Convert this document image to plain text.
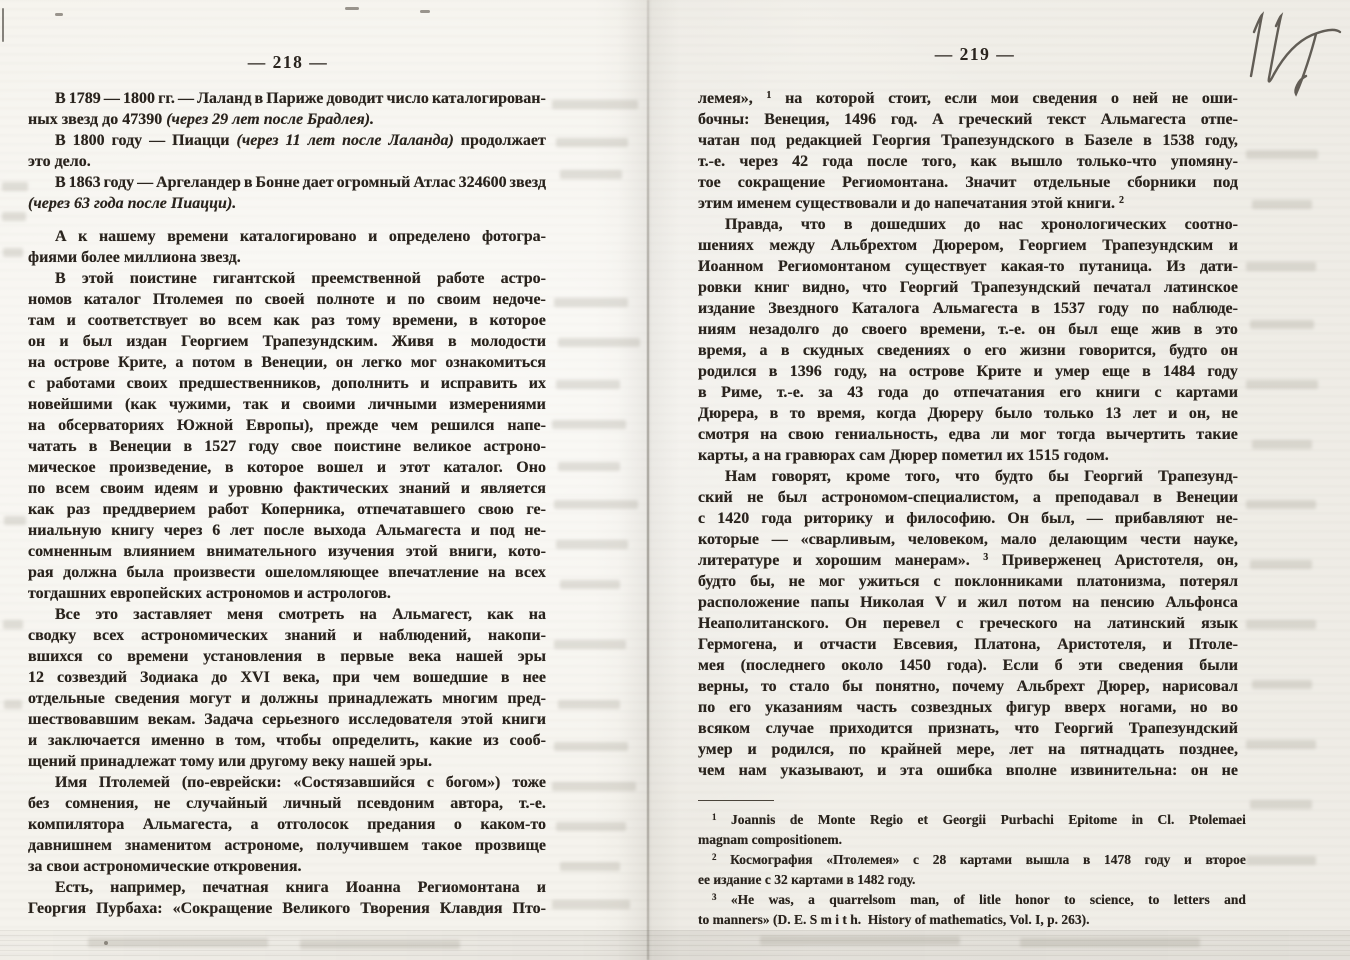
— 218 —	— 219 —
В 1789 — 1800 гг. — Лаланд в Париже доводит число каталогирован-
ных звезд до 47390 (через 29 лет после Брадлея).
В 1800 году — Пиацци (через 11 лет после Лаланда) продолжает
это дело.
В 1863 году — Аргеландер в Бонне дает огромный Атлас 324600 звезд
(через 63 года после Пиацци).
А к нашему времени каталогировано и определено фотогра-
фиями более миллиона звезд.
В этой поистине гигантской преемственной работе астро-
номов каталог Птолемея по своей полноте и по своим недоче-
там и соответствует во всем как раз тому времени, в которое
он и был издан Георгием Трапезундским. Живя в молодости
на острове Крите, а потом в Венеции, он легко мог ознакомиться
с работами своих предшественников, дополнить и исправить их
новейшими (как чужими, так и своими личными измерениями
на обсерваториях Южной Европы), прежде чем решился напе-
чатать в Венеции в 1527 году свое поистине великое астроно-
мическое произведение, в которое вошел и этот каталог. Оно
по всем своим идеям и уровню фактических знаний и является
как раз преддверием работ Коперника, отпечатавшего свою ге-
ниальную книгу через 6 лет после выхода Альмагеста и под не-
сомненным влиянием внимательного изучения этой вниги, кото-
рая должна была произвести ошеломляющее впечатление на всех
тогдашних европейских астрономов и астрологов.
Все это заставляет меня смотреть на Альмагест, как на
сводку всех астрономических знаний и наблюдений, накопи-
вшихся со времени установления в первые века нашей эры
12 созвездий Зодиака до XVI века, при чем вошедшие в нее
отдельные сведения могут и должны принадлежать многим пред-
шествовавшим векам. Задача серьезного исследователя этой книги
и заключается именно в том, чтобы определить, какие из сооб-
щений принадлежат тому или другому веку нашей эры.
Имя Птолемей (по-еврейски: «Состязавшийся с богом») тоже
без сомнения, не случайный личный псевдоним автора, т.-е.
компилятора Альмагеста, а отголосок предания о каком-то
давнишнем знаменитом астрономе, получившем такое прозвище
за свои астрономические откровения.
Есть, например, печатная книга Иоанна Региомонтана и
Георгия Пурбаха: «Сокращение Великого Творения Клавдия Пто-
лемея», 1 на которой стоит, если мои сведения о ней не оши-
бочны: Венеция, 1496 год. А греческий текст Альмагеста отпе-
чатан под редакцией Георгия Трапезундского в Базеле в 1538 году,
т.-е. через 42 года после того, как вышло только-что упомяну-
тое сокращение Региомонтана. Значит отдельные сборники под
этим именем существовали и до напечатания этой книги. $^2$
Правда, что в дошедших до нас хронологических соотно-
шениях между Альбрехтом Дюрером, Георгием Трапезундским и
Иоанном Региомонтаном существует какая-то путаница. Из дати-
ровки книг видно, что Георгий Трапезундский печатал латинское
издание Звездного Каталога Альмагеста в 1537 году по наблюде-
ниям незадолго до своего времени, т.-е. он был еще жив в это
время, а в скудных сведениях о его жизни говорится, будто он
родился в 1396 году, на острове Крите и умер еще в 1484 году
в Риме, т.-е. за 43 года до отпечатания его книги с картами
Дюрера, в то время, когда Дюреру было только 13 лет и он, не
смотря на свою гениальность, едва ли мог тогда вычертить такие
карты, а на гравюрах сам Дюрер пометил их 1515 годом.
Нам говорят, кроме того, что будто бы Георгий Трапезунд-
ский не был астрономом-специалистом, а преподавал в Венеции
с 1420 года риторику и философию. Он был, — прибавляют не-
которые — «сварливым, человеком, мало делающим чести науке,
литературе и хорошим манерам». 3 Приверженец Аристотеля, он,
будто бы, не мог ужиться с поклонниками платонизма, потерял
расположение папы Николая V и жил потом на пенсию Альфонса
Неаполитанского. Он перевел с греческого на латинский язык
Гермогена, и отчасти Евсевия, Платона, Аристотеля, и Птоле-
мея (последнего около 1450 года). Если б эти сведения были
верны, то стало бы понятно, почему Альбрехт Дюрер, нарисовал
по его указаниям часть созвездных фигур вверх ногами, но во
всяком случае приходится признать, что Георгий Трапезундский
умер и родился, по крайней мере, лет на пятнадцать позднее,
чем нам указывают, и эта ошибка вполне извинительна: он не
1 Joannis de Monte Regio et Georgii Purbachi Epitome in Cl. Ptolemaei
magnam compositionem.
2 Космография «Птолемея» с 28 картами вышла в 1478 году и второе
ее издание с 32 картами в 1482 году.
3 «He was, a quarrelsom man, of litle honor to science, to letters and
to manners» (D. E. S m i t h.  History of mathematics, Vol. I, p. 263).
